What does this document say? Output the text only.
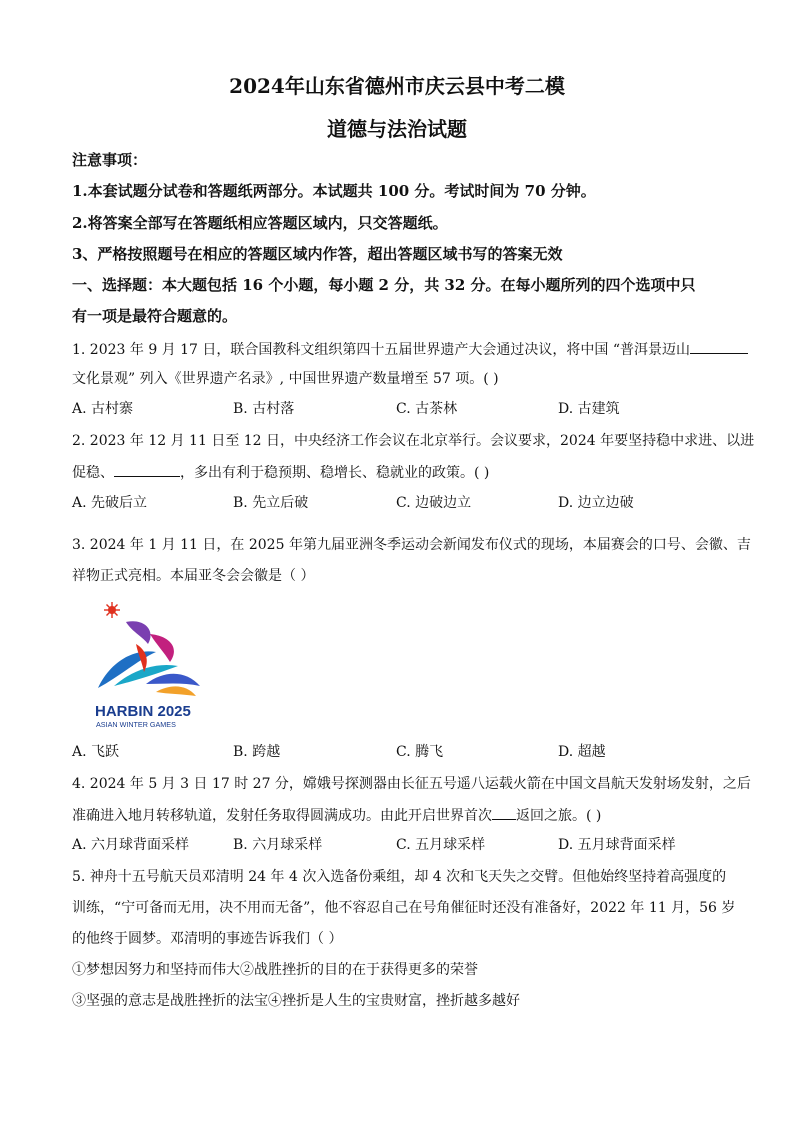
2024年山东省德州市庆云县中考二模
道德与法治试题
注意事项：
1.本套试题分试卷和答题纸两部分。本试题共 100 分。考试时间为 70 分钟。
2.将答案全部写在答题纸相应答题区域内，只交答题纸。
3、严格按照题号在相应的答题区域内作答，超出答题区域书写的答案无效
一、选择题：本大题包括 16 个小题，每小题 2 分，共 32 分。在每小题所列的四个选项中只
有一项是最符合题意的。
1. 2023 年 9 月 17 日，联合国教科文组织第四十五届世界遗产大会通过决议，将中国 “普洱景迈山
文化景观” 列入《世界遗产名录》, 中国世界遗产数量增至 57 项。( )
A. 古村寨	B. 古村落	C. 古茶林	D. 古建筑
2. 2023 年 12 月 11 日至 12 日，中央经济工作会议在北京举行。会议要求，2024 年要坚持稳中求进、以进
促稳、	，多出有利于稳预期、稳增长、稳就业的政策。( )
A. 先破后立	B. 先立后破	C. 边破边立	D. 边立边破
3. 2024 年 1 月 11 日，在 2025 年第九届亚洲冬季运动会新闻发布仪式的现场，本届赛会的口号、会徽、吉
祥物正式亮相。本届亚冬会会徽是（ ）
HARBIN 2025
ASIAN WINTER GAMES
A. 飞跃	B. 跨越	C. 腾飞	D. 超越
4. 2024 年 5 月 3 日 17 时 27 分，嫦娥号探测器由长征五号遥八运载火箭在中国文昌航天发射场发射，之后
准确进入地月转移轨道，发射任务取得圆满成功。由此开启世界首次 返回之旅。( )
A. 六月球背面采样	B. 六月球采样	C. 五月球采样	D. 五月球背面采样
5. 神舟十五号航天员邓清明 24 年 4 次入选备份乘组，却 4 次和飞天失之交臂。但他始终坚持着高强度的
训练，“宁可备而无用，决不用而无备”，他不容忍自己在号角催征时还没有准备好，2022 年 11 月，56 岁
的他终于圆梦。邓清明的事迹告诉我们（ ）
①梦想因努力和坚持而伟大②战胜挫折的目的在于获得更多的荣誉
③坚强的意志是战胜挫折的法宝④挫折是人生的宝贵财富，挫折越多越好
